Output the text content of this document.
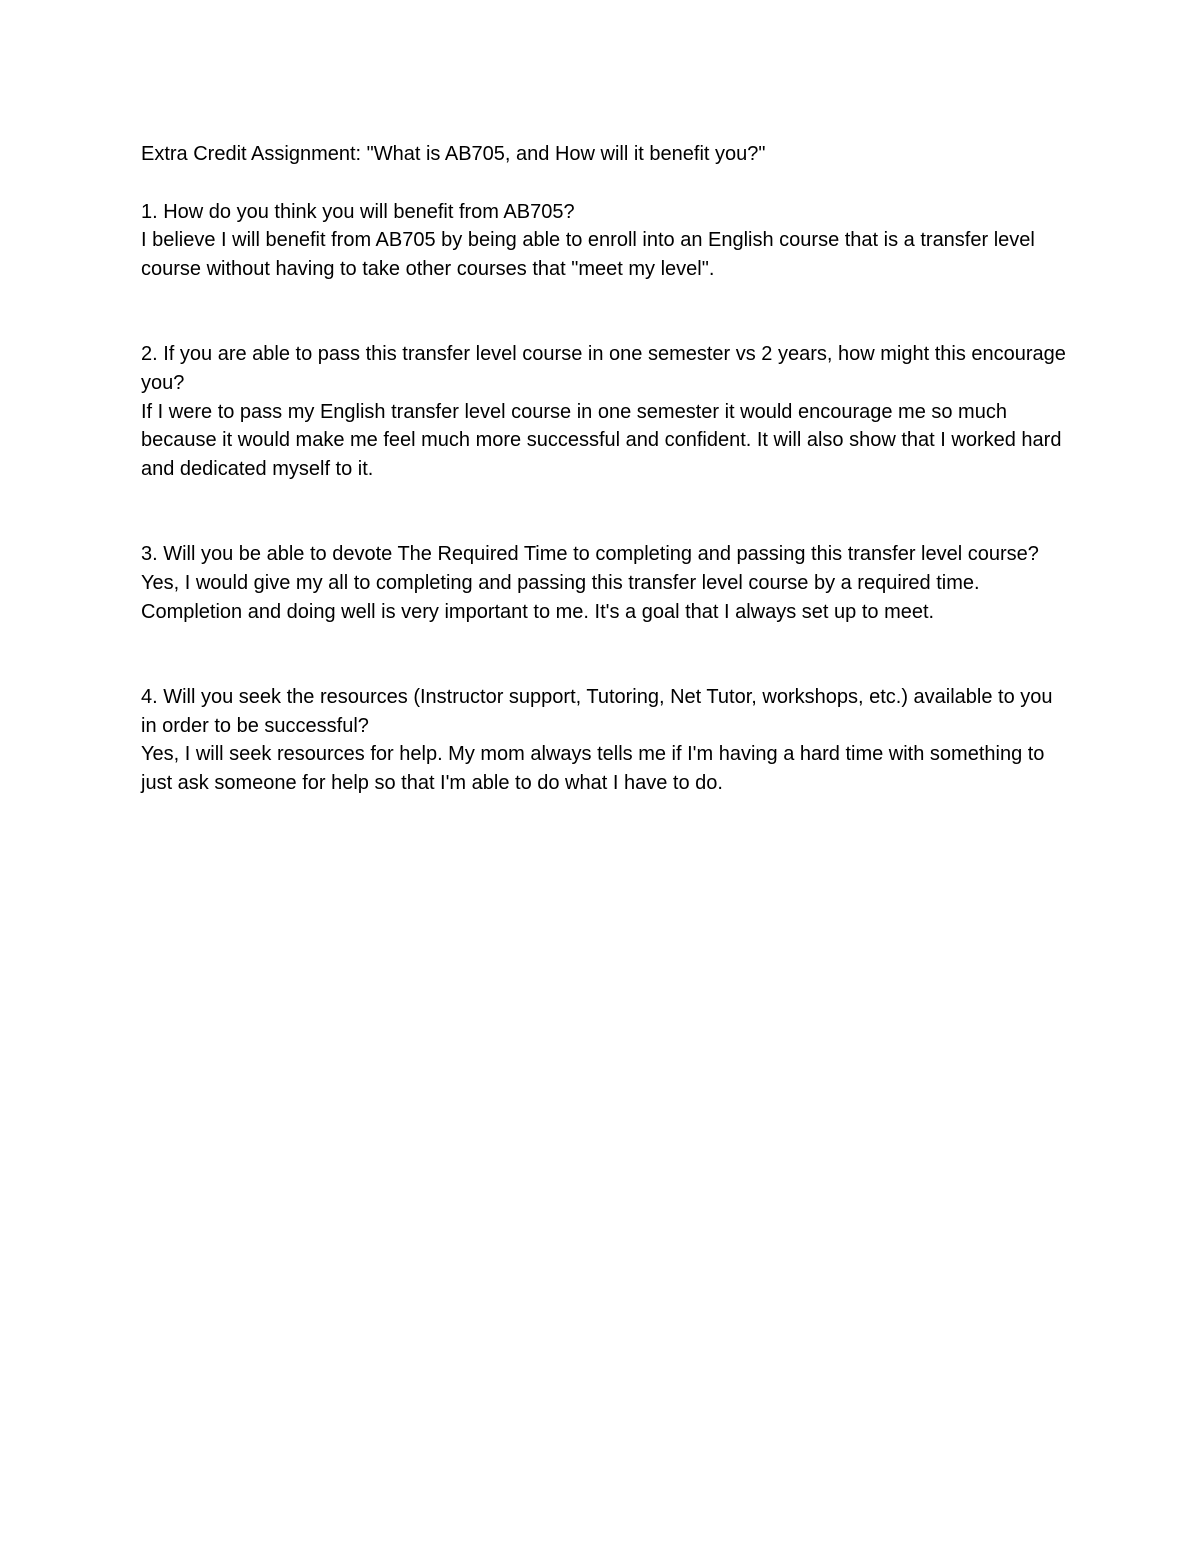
Extra Credit Assignment: "What is AB705, and How will it benefit you?"

1. How do you think you will benefit from AB705?

I believe I will benefit from AB705 by being able to enroll into an English course that is a transfer level course without having to take other courses that "meet my level".

2. If you are able to pass this transfer level course in one semester vs 2 years, how might this encourage you?

If I were to pass my English transfer level course in one semester it would encourage me so much because it would make me feel much more successful and confident. It will also show that I worked hard and dedicated myself to it.

3. Will you be able to devote The Required Time to completing and passing this transfer level course?

Yes, I would give my all to completing and passing this transfer level course by a required time. Completion and doing well is very important to me. It's a goal that I always set up to meet.

4. Will you seek the resources (Instructor support, Tutoring, Net Tutor, workshops, etc.) available to you in order to be successful?

Yes, I will seek resources for help. My mom always tells me if I'm having a hard time with something to just ask someone for help so that I'm able to do what I have to do.
